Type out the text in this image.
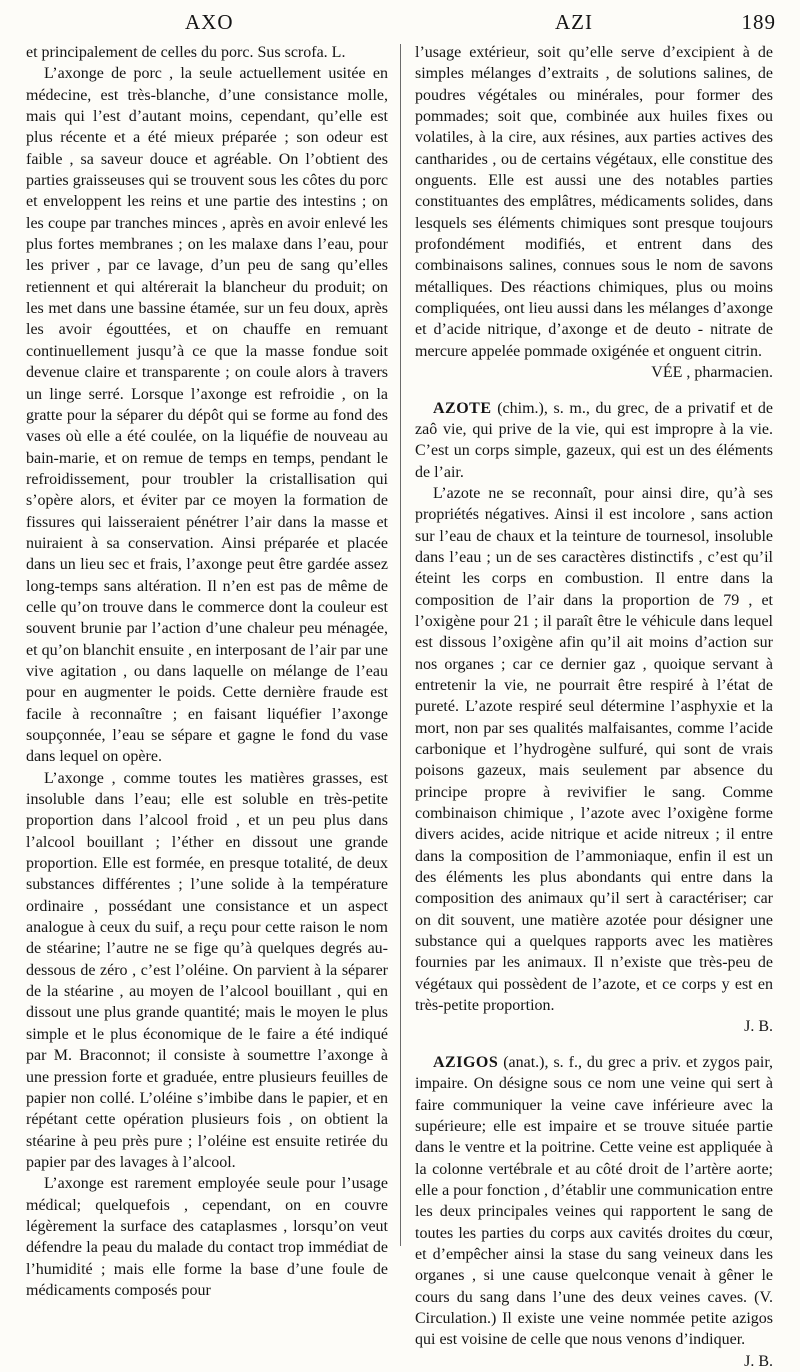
AXO	AZI	189

et principalement de celles du porc. Sus scrofa. L.

L’axonge de porc , la seule actuellement usitée en médecine, est très-blanche, d’une consistance molle, mais qui l’est d’autant moins, cependant, qu’elle est plus récente et a été mieux préparée ; son odeur est faible , sa saveur douce et agréable. On l’obtient des parties graisseuses qui se trouvent sous les côtes du porc et enveloppent les reins et une partie des intestins ; on les coupe par tranches minces , après en avoir enlevé les plus fortes membranes ; on les malaxe dans l’eau, pour les priver , par ce lavage, d’un peu de sang qu’elles retiennent et qui altérerait la blancheur du produit; on les met dans une bassine étamée, sur un feu doux, après les avoir égouttées, et on chauffe en remuant continuellement jusqu’à ce que la masse fondue soit devenue claire et transparente ; on coule alors à travers un linge serré. Lorsque l’axonge est refroidie , on la gratte pour la séparer du dépôt qui se forme au fond des vases où elle a été coulée, on la liquéfie de nouveau au bain-marie, et on remue de temps en temps, pendant le refroidissement, pour troubler la cristallisation qui s’opère alors, et éviter par ce moyen la formation de fissures qui laisseraient pénétrer l’air dans la masse et nuiraient à sa conservation. Ainsi préparée et placée dans un lieu sec et frais, l’axonge peut être gardée assez long-temps sans altération. Il n’en est pas de même de celle qu’on trouve dans le commerce dont la couleur est souvent brunie par l’action d’une chaleur peu ménagée, et qu’on blanchit ensuite , en interposant de l’air par une vive agitation , ou dans laquelle on mélange de l’eau pour en augmenter le poids. Cette dernière fraude est facile à reconnaître ; en faisant liquéfier l’axonge soupçonnée, l’eau se sépare et gagne le fond du vase dans lequel on opère.

L’axonge , comme toutes les matières grasses, est insoluble dans l’eau; elle est soluble en très-petite proportion dans l’alcool froid , et un peu plus dans l’alcool bouillant ; l’éther en dissout une grande proportion. Elle est formée, en presque totalité, de deux substances différentes ; l’une solide à la température ordinaire , possédant une consistance et un aspect analogue à ceux du suif, a reçu pour cette raison le nom de stéarine; l’autre ne se fige qu’à quelques degrés au-dessous de zéro , c’est l’oléine. On parvient à la séparer de la stéarine , au moyen de l’alcool bouillant , qui en dissout une plus grande quantité; mais le moyen le plus simple et le plus économique de le faire a été indiqué par M. Braconnot; il consiste à soumettre l’axonge à une pression forte et graduée, entre plusieurs feuilles de papier non collé. L’oléine s’imbibe dans le papier, et en répétant cette opération plusieurs fois , on obtient la stéarine à peu près pure ; l’oléine est ensuite retirée du papier par des lavages à l’alcool.

L’axonge est rarement employée seule pour l’usage médical; quelquefois , cependant, on en couvre légèrement la surface des cataplasmes , lorsqu’on veut défendre la peau du malade du contact trop immédiat de l’humidité ; mais elle forme la base d’une foule de médicaments composés pour

l’usage extérieur, soit qu’elle serve d’excipient à de simples mélanges d’extraits , de solutions salines, de poudres végétales ou minérales, pour former des pommades; soit que, combinée aux huiles fixes ou volatiles, à la cire, aux résines, aux parties actives des cantharides , ou de certains végétaux, elle constitue des onguents. Elle est aussi une des notables parties constituantes des emplâtres, médicaments solides, dans lesquels ses éléments chimiques sont presque toujours profondément modifiés, et entrent dans des combinaisons salines, connues sous le nom de savons métalliques. Des réactions chimiques, plus ou moins compliquées, ont lieu aussi dans les mélanges d’axonge et d’acide nitrique, d’axonge et de deuto - nitrate de mercure appelée pommade oxigénée et onguent citrin.

VÉE , pharmacien.

AZOTE (chim.), s. m., du grec, de a privatif et de zaô vie, qui prive de la vie, qui est impropre à la vie. C’est un corps simple, gazeux, qui est un des éléments de l’air.

L’azote ne se reconnaît, pour ainsi dire, qu’à ses propriétés négatives. Ainsi il est incolore , sans action sur l’eau de chaux et la teinture de tournesol, insoluble dans l’eau ; un de ses caractères distinctifs , c’est qu’il éteint les corps en combustion. Il entre dans la composition de l’air dans la proportion de 79 , et l’oxigène pour 21 ; il paraît être le véhicule dans lequel est dissous l’oxigène afin qu’il ait moins d’action sur nos organes ; car ce dernier gaz , quoique servant à entretenir la vie, ne pourrait être respiré à l’état de pureté. L’azote respiré seul détermine l’asphyxie et la mort, non par ses qualités malfaisantes, comme l’acide carbonique et l’hydrogène sulfuré, qui sont de vrais poisons gazeux, mais seulement par absence du principe propre à revivifier le sang. Comme combinaison chimique , l’azote avec l’oxigène forme divers acides, acide nitrique et acide nitreux ; il entre dans la composition de l’ammoniaque, enfin il est un des éléments les plus abondants qui entre dans la composition des animaux qu’il sert à caractériser; car on dit souvent, une matière azotée pour désigner une substance qui a quelques rapports avec les matières fournies par les animaux. Il n’existe que très-peu de végétaux qui possèdent de l’azote, et ce corps y est en très-petite proportion.

J. B.

AZIGOS (anat.), s. f., du grec a priv. et zygos pair, impaire. On désigne sous ce nom une veine qui sert à faire communiquer la veine cave inférieure avec la supérieure; elle est impaire et se trouve située partie dans le ventre et la poitrine. Cette veine est appliquée à la colonne vertébrale et au côté droit de l’artère aorte; elle a pour fonction , d’établir une communication entre les deux principales veines qui rapportent le sang de toutes les parties du corps aux cavités droites du cœur, et d’empêcher ainsi la stase du sang veineux dans les organes , si une cause quelconque venait à gêner le cours du sang dans l’une des deux veines caves. (V. Circulation.) Il existe une veine nommée petite azigos qui est voisine de celle que nous venons d’indiquer.

J. B.
